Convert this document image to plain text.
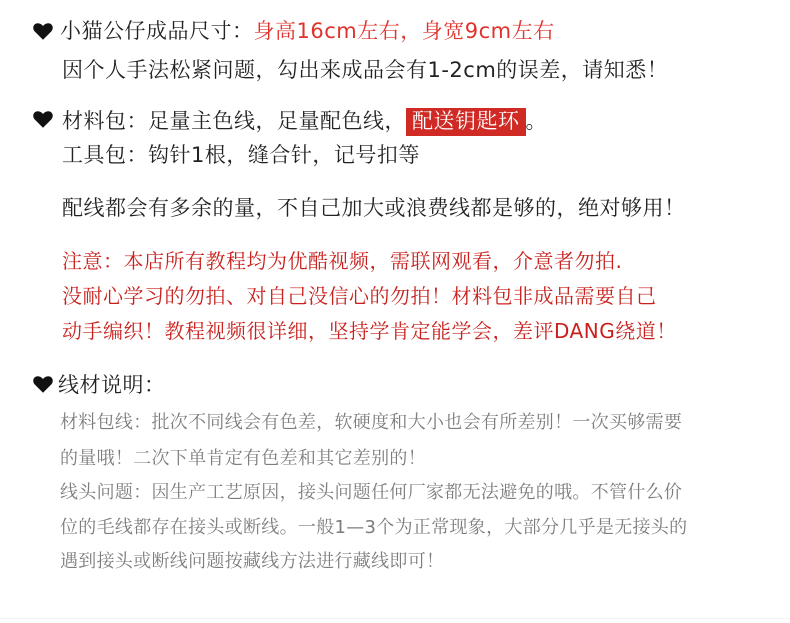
小猫公仔成品尺寸：身高16cm左右，身宽9cm左右
因个人手法松紧问题，勾出来成品会有1-2cm的误差，请知悉！
材料包：足量主色线，足量配色线， 配送钥匙环 。
工具包：钩针1根，缝合针，记号扣等
配线都会有多余的量，不自己加大或浪费线都是够的，绝对够用！
注意：本店所有教程均为优酷视频，需联网观看，介意者勿拍.
没耐心学习的勿拍、对自己没信心的勿拍！材料包非成品需要自己
动手编织！教程视频很详细，坚持学肯定能学会，差评DANG绕道！
线材说明：
材料包线：批次不同线会有色差，软硬度和大小也会有所差别！一次买够需要
的量哦！二次下单肯定有色差和其它差别的！
线头问题：因生产工艺原因，接头问题任何厂家都无法避免的哦。不管什么价
位的毛线都存在接头或断线。一般1—3个为正常现象，大部分几乎是无接头的
遇到接头或断线问题按藏线方法进行藏线即可！
